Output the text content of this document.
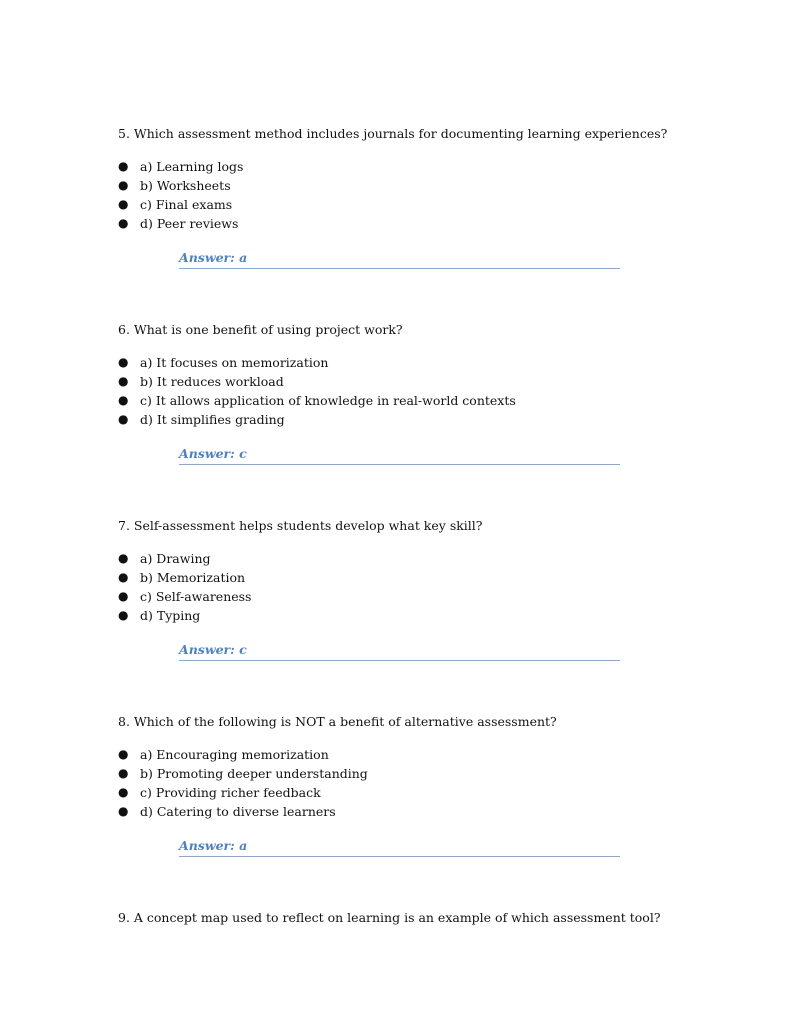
5. Which assessment method includes journals for documenting learning experiences?

● a) Learning logs
● b) Worksheets
● c) Final exams
● d) Peer reviews
Answer: a

6. What is one benefit of using project work?

● a) It focuses on memorization
● b) It reduces workload
● c) It allows application of knowledge in real-world contexts
● d) It simplifies grading
Answer: c

7. Self-assessment helps students develop what key skill?

● a) Drawing
● b) Memorization
● c) Self-awareness
● d) Typing
Answer: c

8. Which of the following is NOT a benefit of alternative assessment?

● a) Encouraging memorization
● b) Promoting deeper understanding
● c) Providing richer feedback
● d) Catering to diverse learners
Answer: a

9. A concept map used to reflect on learning is an example of which assessment tool?
